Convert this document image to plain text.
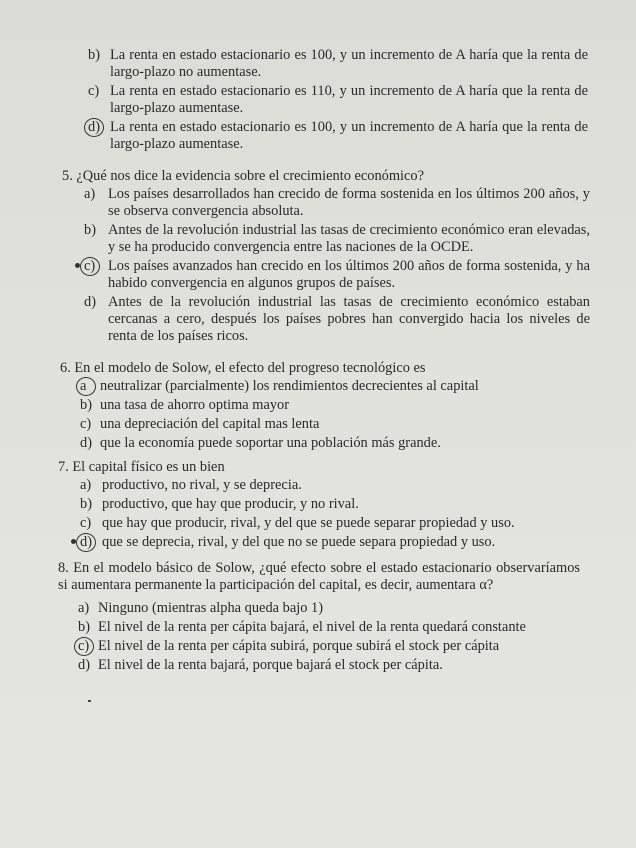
b) La renta en estado estacionario es 100, y un incremento de A haría que la renta de largo-plazo no aumentase.
c) La renta en estado estacionario es 110, y un incremento de A haría que la renta de largo-plazo aumentase.
d) La renta en estado estacionario es 100, y un incremento de A haría que la renta de largo-plazo aumentase.
5. ¿Qué nos dice la evidencia sobre el crecimiento económico?
a) Los países desarrollados han crecido de forma sostenida en los últimos 200 años, y se observa convergencia absoluta.
b) Antes de la revolución industrial las tasas de crecimiento económico eran elevadas, y se ha producido convergencia entre las naciones de la OCDE.
c) Los países avanzados han crecido en los últimos 200 años de forma sostenida, y ha habido convergencia en algunos grupos de países.
d) Antes de la revolución industrial las tasas de crecimiento económico estaban cercanas a cero, después los países pobres han convergido hacia los niveles de renta de los países ricos.
6. En el modelo de Solow, el efecto del progreso tecnológico es
a neutralizar (parcialmente) los rendimientos decrecientes al capital
b) una tasa de ahorro optima mayor
c) una depreciación del capital mas lenta
d) que la economía puede soportar una población más grande.
7. El capital físico es un bien
a) productivo, no rival, y se deprecia.
b) productivo, que hay que producir, y no rival.
c) que hay que producir, rival, y del que se puede separar propiedad y uso.
d) que se deprecia, rival, y del que no se puede separa propiedad y uso.
8. En el modelo básico de Solow, ¿qué efecto sobre el estado estacionario observaríamos si aumentara permanente la participación del capital, es decir, aumentara α?
a) Ninguno (mientras alpha queda bajo 1)
b) El nivel de la renta per cápita bajará, el nivel de la renta quedará constante
c) El nivel de la renta per cápita subirá, porque subirá el stock per cápita
d) El nivel de la renta bajará, porque bajará el stock per cápita.
